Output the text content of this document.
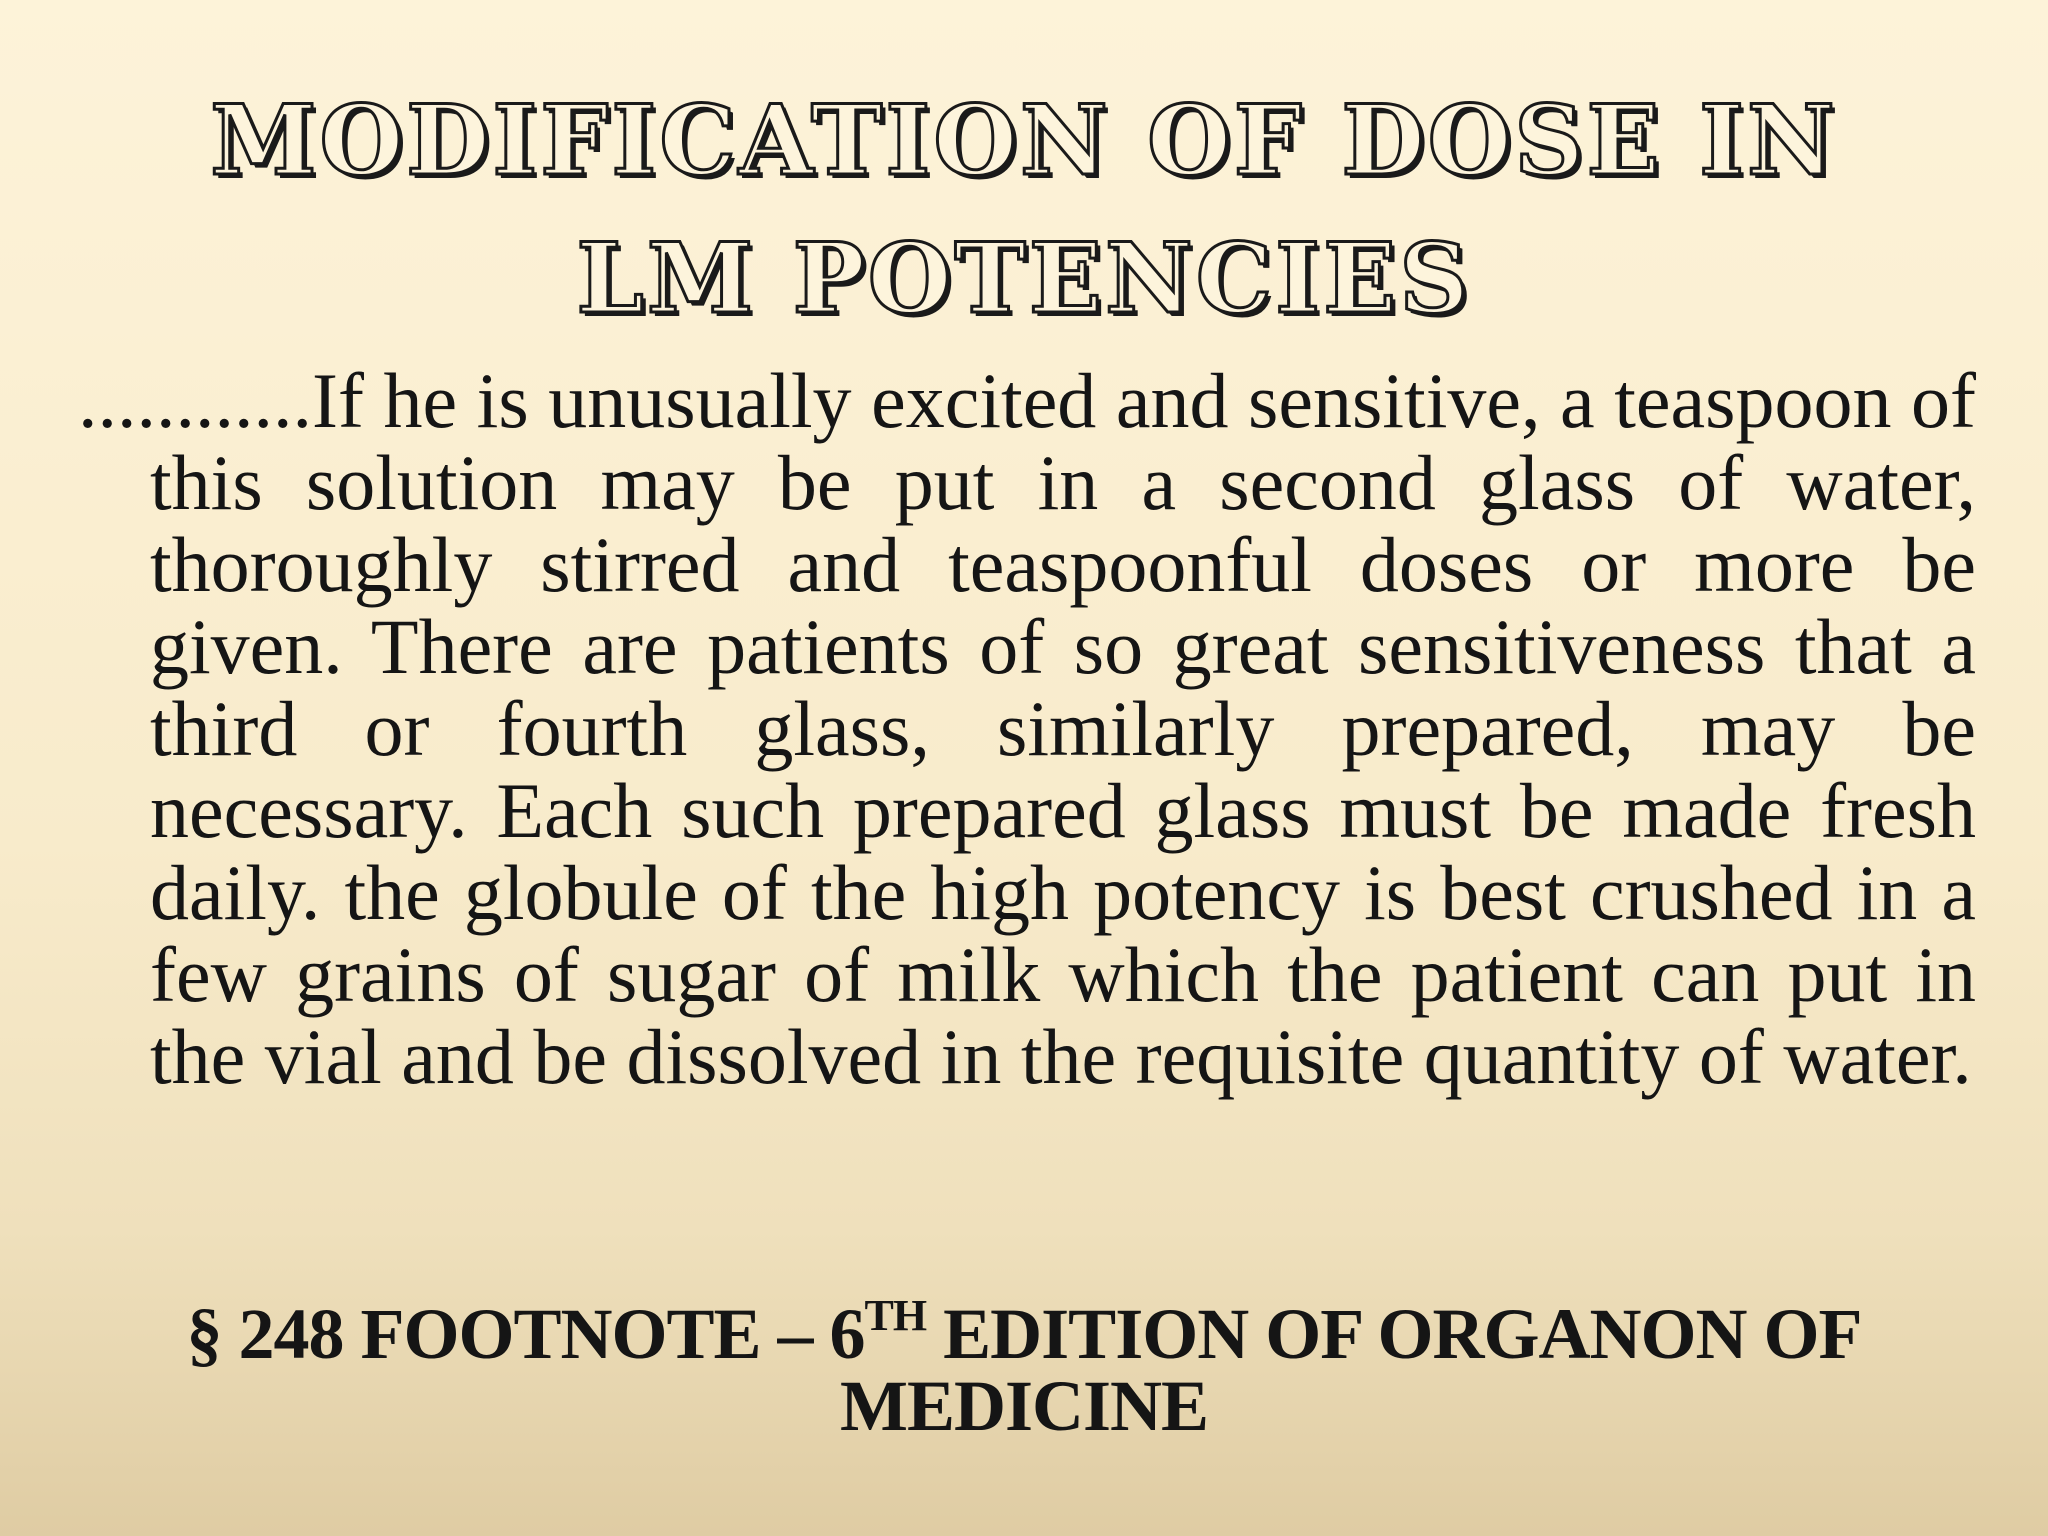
MODIFICATION OF DOSE IN
LM POTENCIES
............If he is unusually excited and sensitive, a teaspoon of this solution may be put in a second glass of water, thoroughly stirred and teaspoonful doses or more be given. There are patients of so great sensitiveness that a third or fourth glass, similarly prepared, may be necessary. Each such prepared glass must be made fresh daily. the globule of the high potency is best crushed in a few grains of sugar of milk which the patient can put in the vial and be dissolved in the requisite quantity of water.
§ 248 FOOTNOTE – 6TH EDITION OF ORGANON OF
MEDICINE
